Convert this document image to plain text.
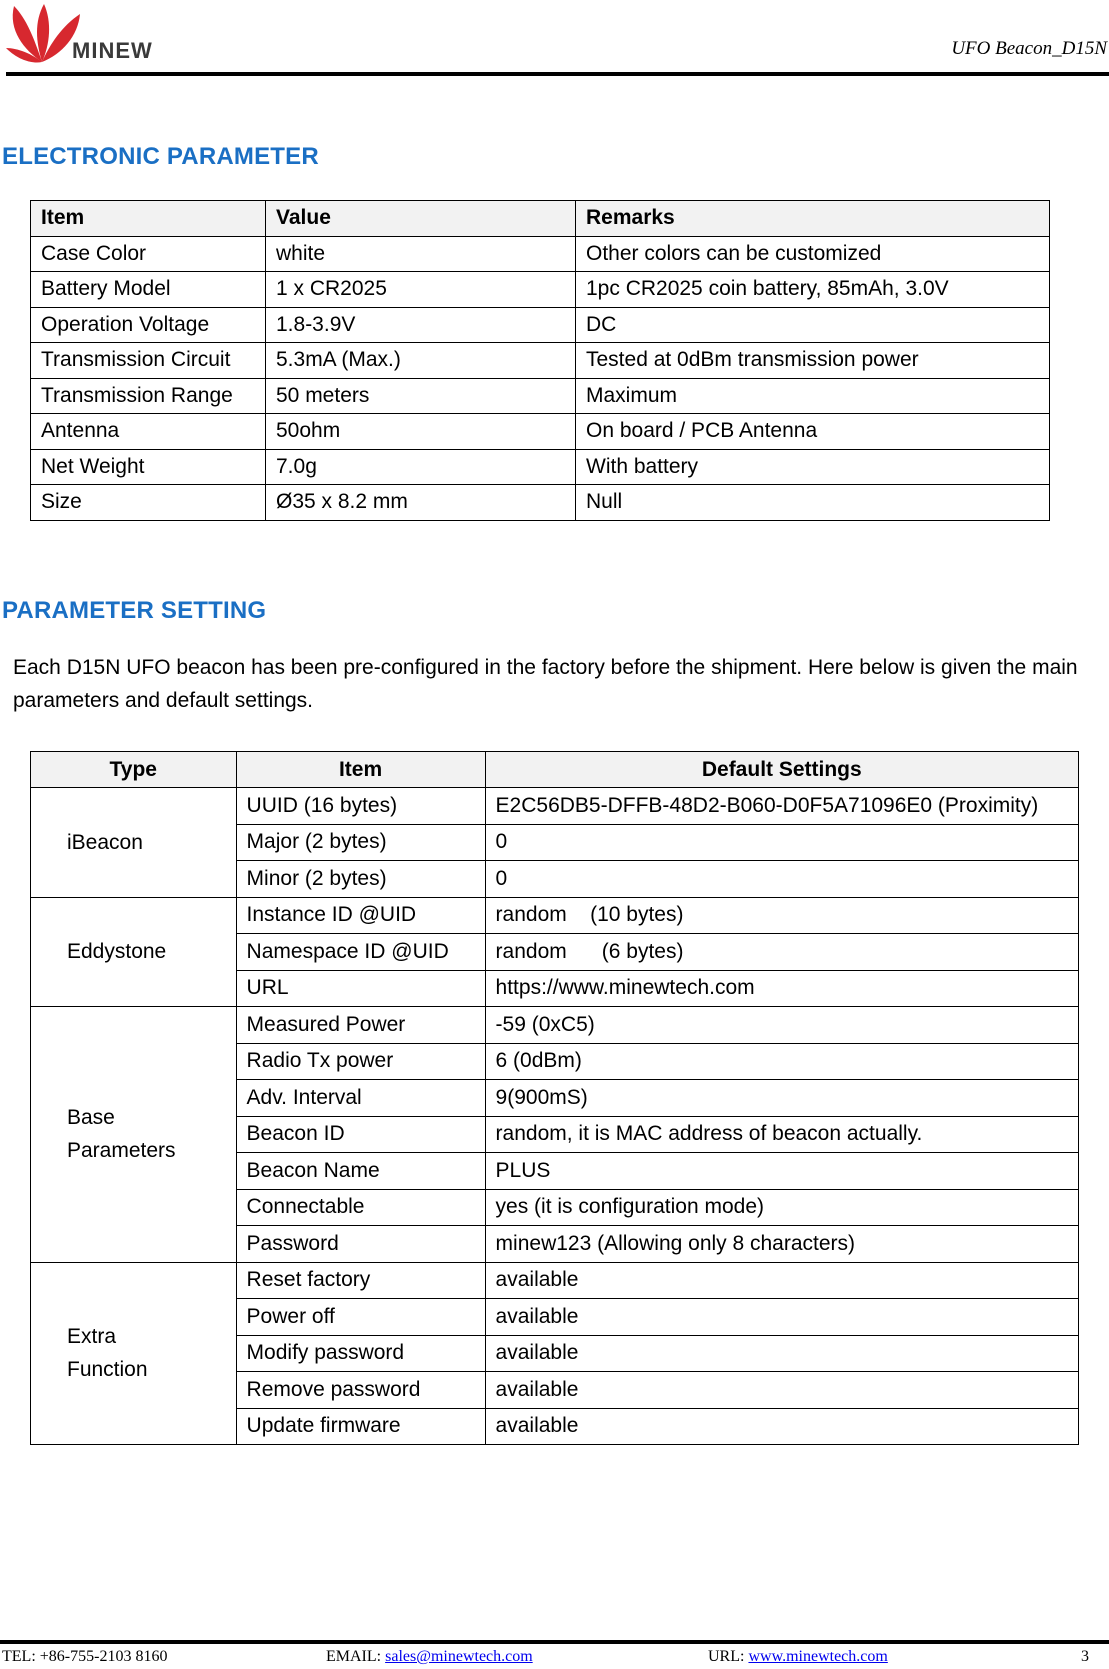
MINEW	UFO Beacon_D15N
ELECTRONIC PARAMETER
Item	Value	Remarks
Case Color	white	Other colors can be customized
Battery Model	1 x CR2025	1pc CR2025 coin battery, 85mAh, 3.0V
Operation Voltage	1.8-3.9V	DC
Transmission Circuit	5.3mA (Max.)	Tested at 0dBm transmission power
Transmission Range	50 meters	Maximum
Antenna	50ohm	On board / PCB Antenna
Net Weight	7.0g	With battery
Size	Ø35 x 8.2 mm	Null
PARAMETER SETTING
Each D15N UFO beacon has been pre-configured in the factory before the shipment. Here below is given the main parameters and default settings.
Type	Item	Default Settings
iBeacon	UUID (16 bytes)	E2C56DB5-DFFB-48D2-B060-D0F5A71096E0 (Proximity)
	Major (2 bytes)	0
	Minor (2 bytes)	0
Eddystone	Instance ID @UID	random    (10 bytes)
	Namespace ID @UID	random      (6 bytes)
	URL	https://www.minewtech.com
Base Parameters	Measured Power	-59 (0xC5)
	Radio Tx power	6 (0dBm)
	Adv. Interval	9(900mS)
	Beacon ID	random, it is MAC address of beacon actually.
	Beacon Name	PLUS
	Connectable	yes (it is configuration mode)
	Password	minew123 (Allowing only 8 characters)
Extra Function	Reset factory	available
	Power off	available
	Modify password	available
	Remove password	available
	Update firmware	available
TEL: +86-755-2103 8160	EMAIL: sales@minewtech.com	URL: www.minewtech.com	3
